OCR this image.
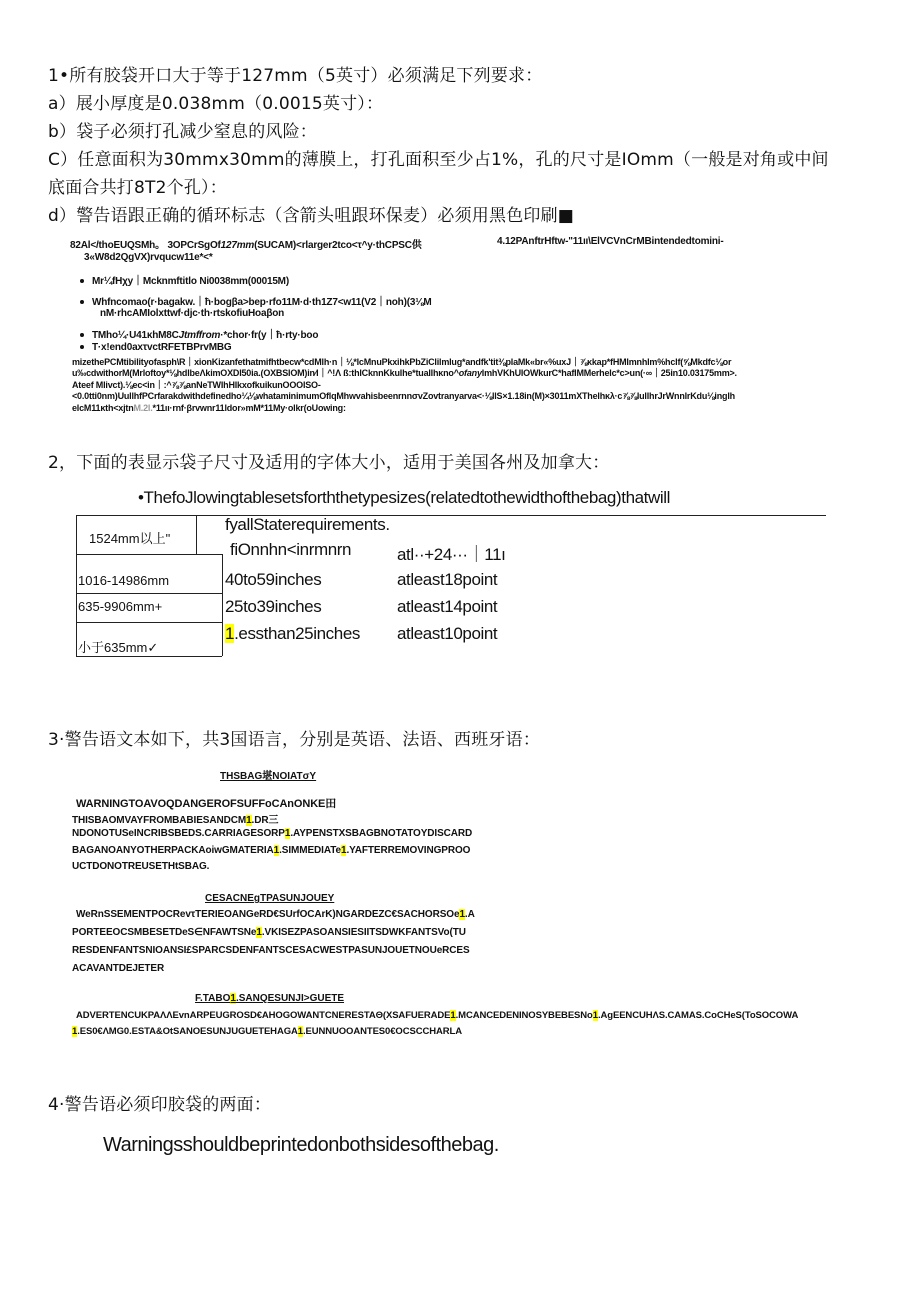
1•所有胶袋开口大于等于127mm（5英寸）必须满足下列要求：
a）展小厚度是0.038mm（0.0015英寸）：
b）袋子必须打孔减少窒息的风险：
C）任意面积为30mmx30mm的薄膜上，打孔面积至少占1%，孔的尺寸是IOmm（一般是对角或中间
底面合共打8T2个孔）：
d）警告语跟正确的循环标志（含箭头咀跟环保麦）必须用黑色印刷■
82Al</thoEUQSMh。 3OPCrSgOf127mm(SUCAM)<rlarger2tco<τ^y·thCPSC供	4.12PAnftrHftw-"11ıı\ElVCVnCrMBintendedtomini-
3«W8d2QgVX)rvqucw11e*<*
Mr¼fHχy｜Mcknmftitlo Ni0038mm(00015M)
Whfncomao(r·bagakw.｜ħ·bogβa>bep·rfo11M·d·th1Z7<w11(V2｜noh)(3⅛M
nM·rhcAMIolxttwf·djc·th·rtskofiuHoaβon
TMho¼·U41κhM8CJtmffrom·*chor·fr(y｜ħ·rty·boo
T·x!end0axτvctRFETBPrvMBG
mizethePCMtibilityofasph\R｜xionKizanfethatmifhtbecw*cdMlh·n｜⅛*lcMnuPkxihkPbZiClilmlug*andfk'tit⅜plaMk«br«%uxJ｜⅞κkap*fHMImnhlm%hclf(⅝Mkdfc⅛or
u‰cdwithorM(Mrloftoy*⅛hdlbeΛkimOXDI50ia.(OXBSIOM)in⁄l｜^!Λ ß:thlCknnKkulhe*tuallhκno^ofanylmhVKhUlOWkurC*hafIMMerhelc*c>un(·∞｜25in10.03175mm>.
Ateef Mlivct).⅛ec<in｜:^⅞⅞anNeTWIhHlkxofkuikunOOOISO-
<0.0tti0nm)UullhfPCrfarakdwithdefinedho¼⅛whataminimumOflqMhwvahisbeenrnnσvZovtranyarva<·⅛llS×1.18in(M)×3011mXThelhκλ·c⅞⅞lullhrJrWnnlrKdu⅛inglh
elcM11κth<xjtnM.2l.*11ıı·rnf·βrvwnr11ldor»mM*11My·olkr(oUowing:
2，下面的表显示袋子尺寸及适用的字体大小，适用于美国各州及加拿大：
•ThefoJlowingtablesetsforththetypesizes(relatedtothewidthofthebag)thatwill
fyallStaterequirements.
fiOnnhn<inrmnrn	atl··+24···｜11ı
1524mm以上"
1016-14986mm
635-9906mm+
小于635mm✓
40to59inches
25to39inches
1.essthan25inches
atleast18point
atleast14point
atleast10point
3·警告语文本如下，共3国语言，分别是英语、法语、西班牙语：
THSBAG堪NOIATσY
WARNINGTOAVOQDANGEROFSUFFoCAnONKE田
THISBAOMVAYFROMBABIESANDCM1.DR三
NDONOTUSeINCRIBSBEDS.CARRIAGESORP1.AYPENSTXSBAGBNOTATOYDISCARD
BAGANOANYOTHERPACKAoiwGMATERIA1.SIMMEDIATe1.YAFTERREMOVINGPROO
UCTDONOTREUSETHtSBAG.
CESACNEgTPASUNJOUEY
WeRnSSEMENTPOCRevτTERIEOANGeRD€SUrfOCArK)NGARDEZC€SACHORSOe1.A
PORTEEOCSMBESETDeS∈NFAWTSNe1.VKISEZPASOANSIESIITSDWKFANTSVo(TU
RESDENFANTSNIOANSI£SPARCSDENFANTSCESACWESTPASUNJOUETNOUeRCES
ACAVANTDEJETER
F.TABO1.SANQESUNJI>GUETE
ADVERTENCUKPAΛΛEvnARPEUGROSD€AHOGOWANTCNERESTAΘ(XSAFUERADE1.MCANCEDENINOSYBEBESNo1.AgEENCUHΛS.CAMAS.CoCHeS(ToSOCOWA
1.ES0€ΛMG0.ESTA&OtSANOESUNJUGUETEHAGA1.EUNNUOOANTES0€OCSCCHARLA
4·警告语必须印胶袋的两面：
Warningsshouldbeprintedonbothsidesofthebag.
